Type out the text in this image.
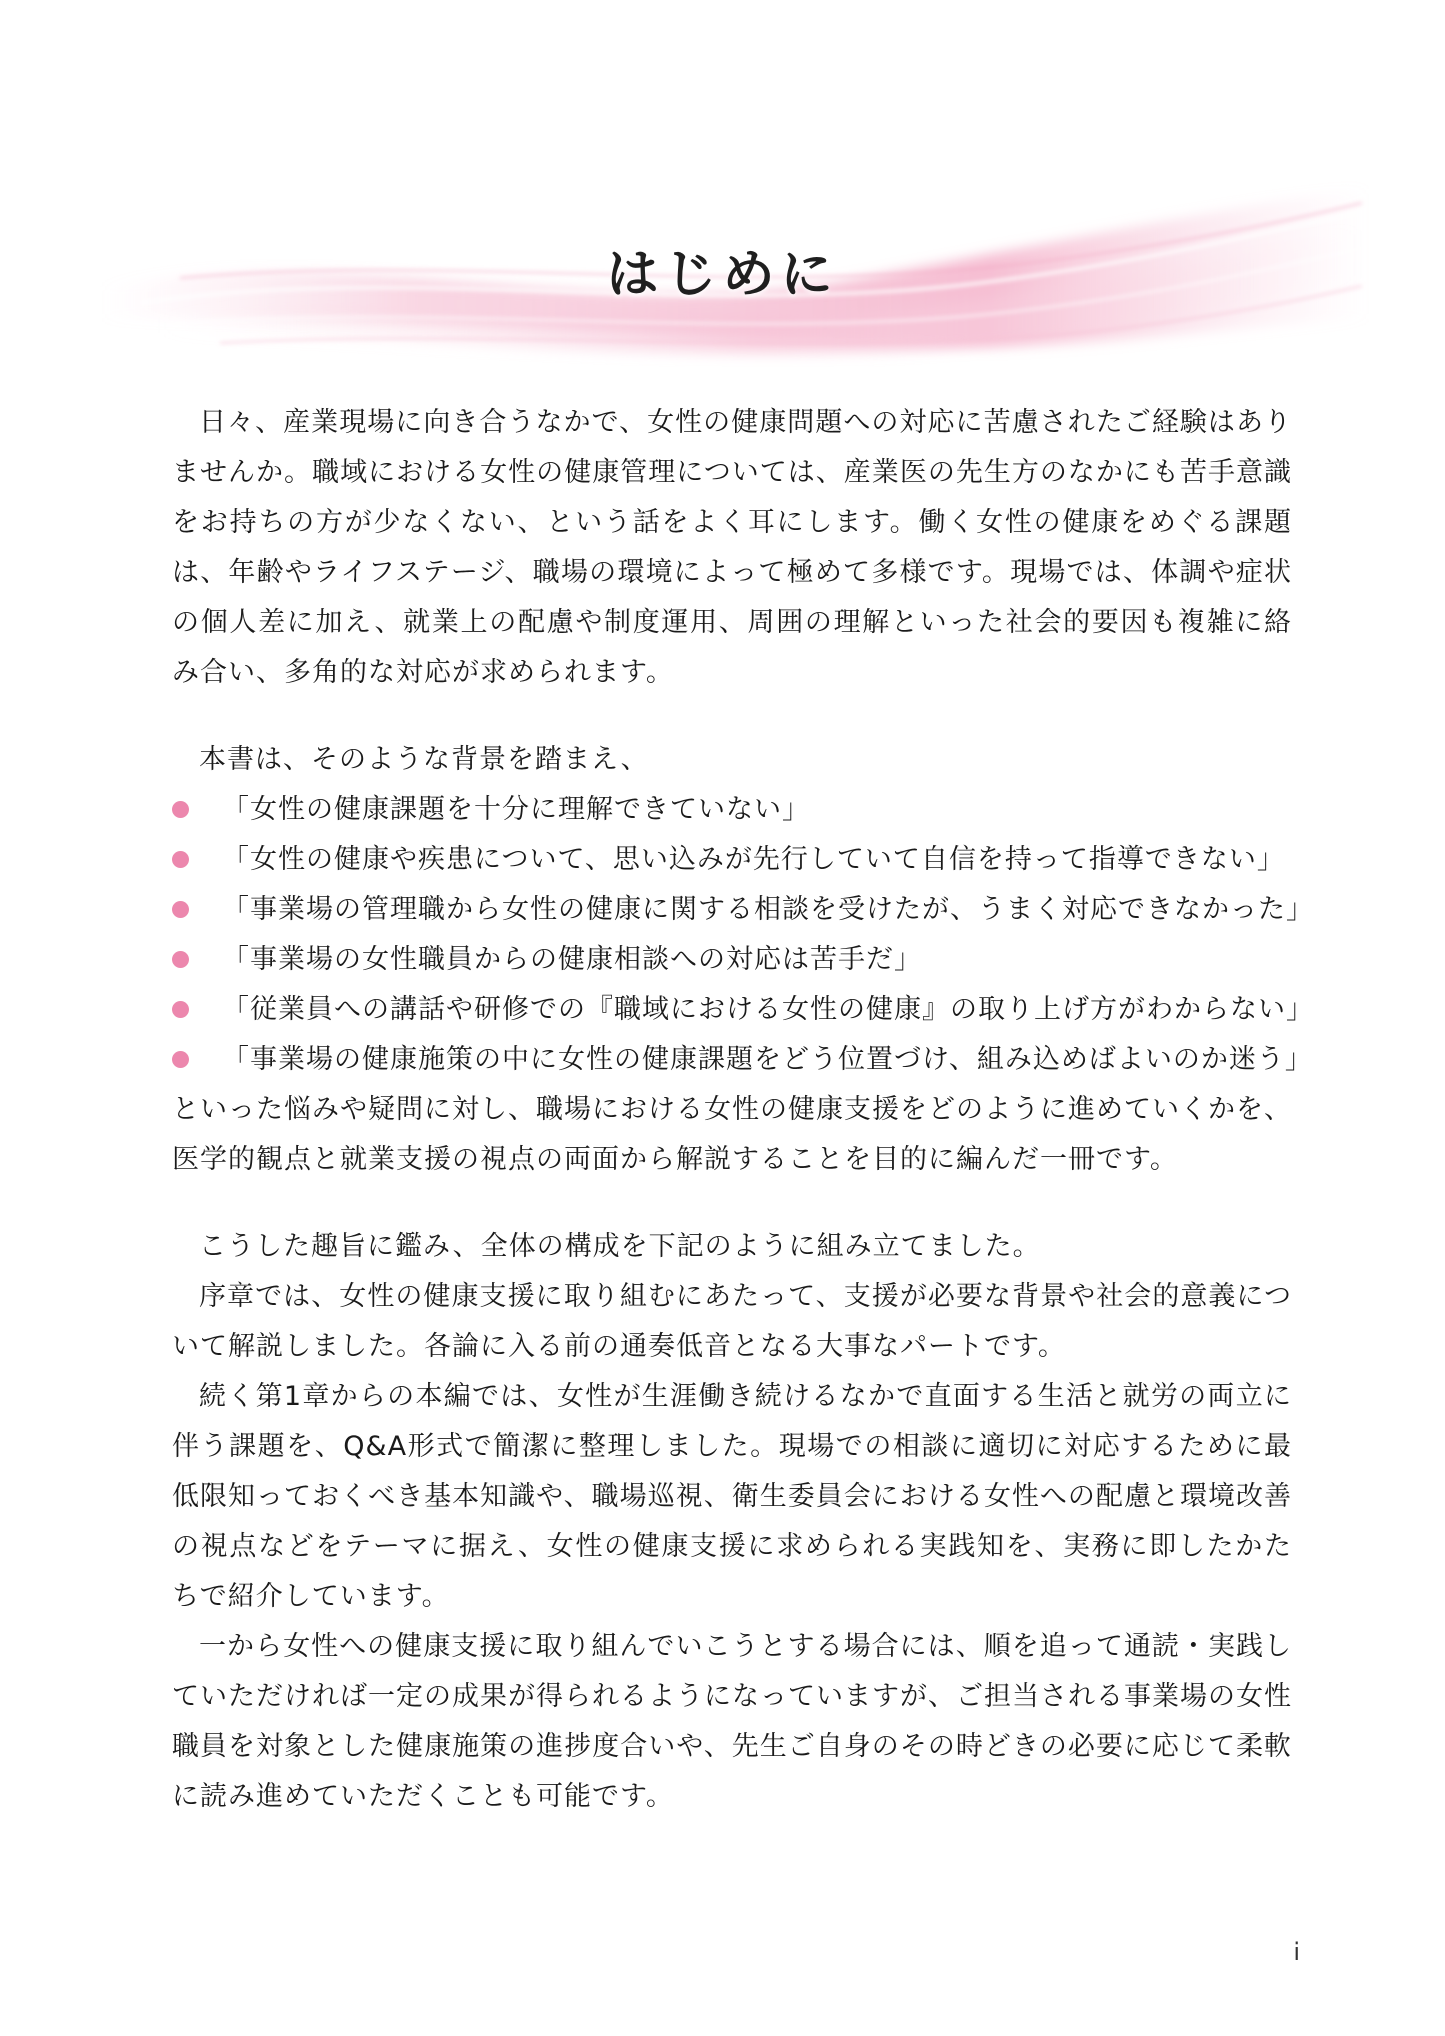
はじめに

日々、産業現場に向き合うなかで、女性の健康問題への対応に苦慮されたご経験はありませんか。職域における女性の健康管理については、産業医の先生方のなかにも苦手意識をお持ちの方が少なくない、という話をよく耳にします。働く女性の健康をめぐる課題は、年齢やライフステージ、職場の環境によって極めて多様です。現場では、体調や症状の個人差に加え、就業上の配慮や制度運用、周囲の理解といった社会的要因も複雑に絡み合い、多角的な対応が求められます。

本書は、そのような背景を踏まえ、

「女性の健康課題を十分に理解できていない」
「女性の健康や疾患について、思い込みが先行していて自信を持って指導できない」
「事業場の管理職から女性の健康に関する相談を受けたが、うまく対応できなかった」
「事業場の女性職員からの健康相談への対応は苦手だ」
「従業員への講話や研修での『職域における女性の健康』の取り上げ方がわからない」
「事業場の健康施策の中に女性の健康課題をどう位置づけ、組み込めばよいのか迷う」

といった悩みや疑問に対し、職場における女性の健康支援をどのように進めていくかを、医学的観点と就業支援の視点の両面から解説することを目的に編んだ一冊です。

こうした趣旨に鑑み、全体の構成を下記のように組み立てました。

序章では、女性の健康支援に取り組むにあたって、支援が必要な背景や社会的意義について解説しました。各論に入る前の通奏低音となる大事なパートです。

続く第1章からの本編では、女性が生涯働き続けるなかで直面する生活と就労の両立に伴う課題を、Q&A形式で簡潔に整理しました。現場での相談に適切に対応するために最低限知っておくべき基本知識や、職場巡視、衛生委員会における女性への配慮と環境改善の視点などをテーマに据え、女性の健康支援に求められる実践知を、実務に即したかたちで紹介しています。

一から女性への健康支援に取り組んでいこうとする場合には、順を追って通読・実践していただければ一定の成果が得られるようになっていますが、ご担当される事業場の女性職員を対象とした健康施策の進捗度合いや、先生ご自身のその時どきの必要に応じて柔軟に読み進めていただくことも可能です。

i
